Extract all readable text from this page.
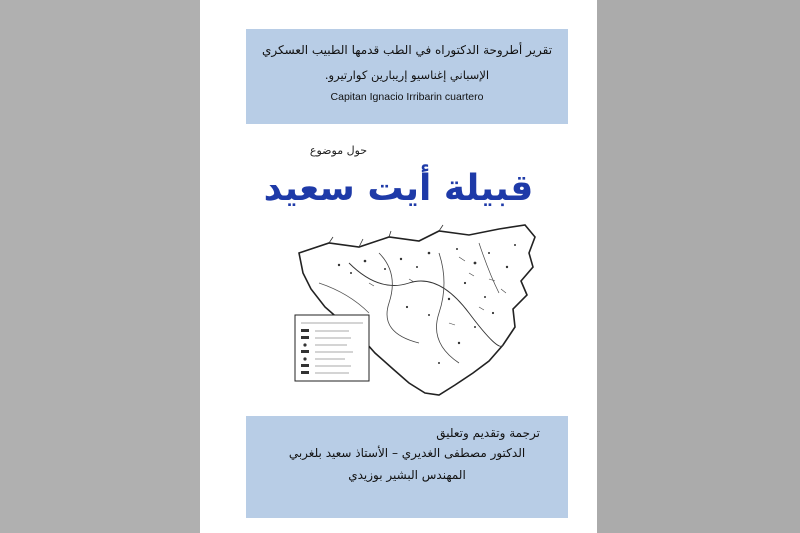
تقرير أطروحة الدكتوراه في الطب قدمها الطبيب العسكري
الإسباني إغناسيو إريبارين كوارتيرو.
Capitan Ignacio Irribarin cuartero
حول موضوع
قبيلة أيت سعيد
ترجمة وتقديم وتعليق
الدكتور مصطفى الغديري – الأستاذ سعيد بلغربي
المهندس البشير بوزيدي
